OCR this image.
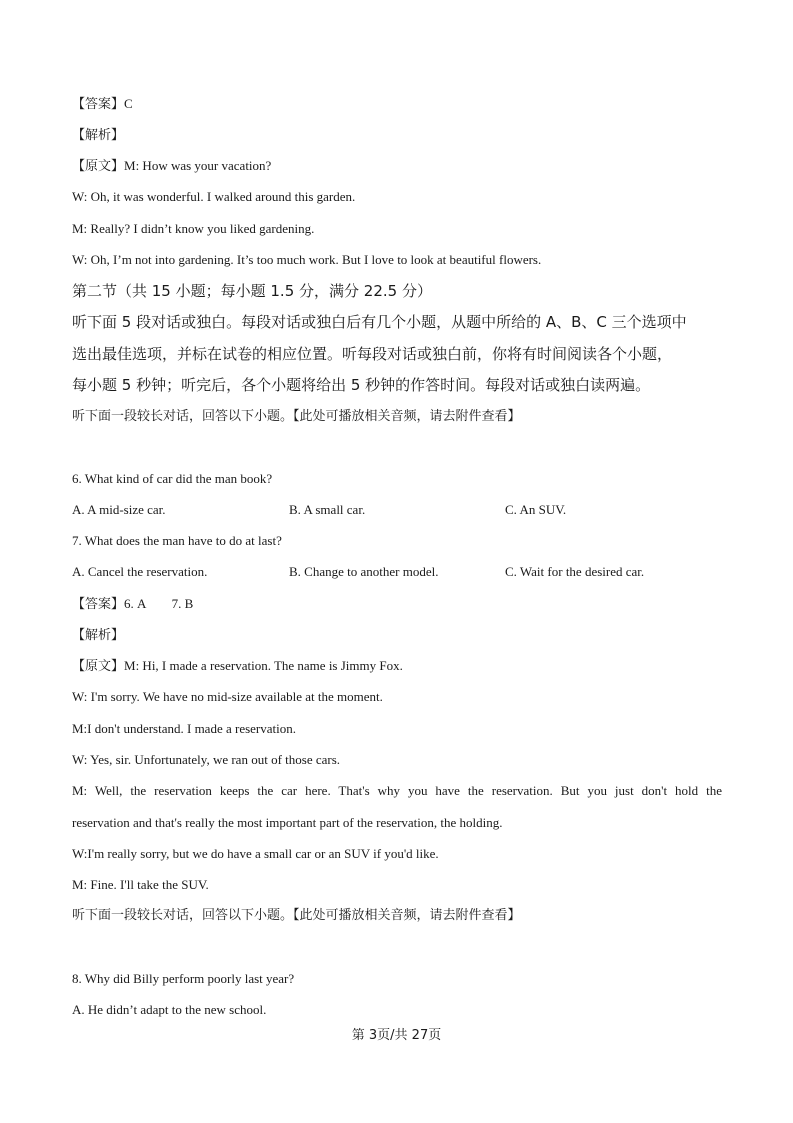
【答案】C
【解析】
【原文】M: How was your vacation?
W: Oh, it was wonderful. I walked around this garden.
M: Really? I didn’t know you liked gardening.
W: Oh, I’m not into gardening. It’s too much work. But I love to look at beautiful flowers.
第二节（共 15 小题；每小题 1.5 分，满分 22.5 分）
听下面 5 段对话或独白。每段对话或独白后有几个小题，从题中所给的 A、B、C 三个选项中
选出最佳选项，并标在试卷的相应位置。听每段对话或独白前，你将有时间阅读各个小题，
每小题 5 秒钟；听完后，各个小题将给出 5 秒钟的作答时间。每段对话或独白读两遍。
听下面一段较长对话，回答以下小题。【此处可播放相关音频，请去附件查看】
6. What kind of car did the man book?
A. A mid-size car.	B. A small car.	C. An SUV.
7. What does the man have to do at last?
A. Cancel the reservation.	B. Change to another model.	C. Wait for the desired car.
【答案】6. A        7. B
【解析】
【原文】M: Hi, I made a reservation. The name is Jimmy Fox.
W: I'm sorry. We have no mid-size available at the moment.
M:I don't understand. I made a reservation.
W: Yes, sir. Unfortunately, we ran out of those cars.
M: Well, the reservation keeps the car here. That's why you have the reservation. But you just don't hold the
reservation and that's really the most important part of the reservation, the holding.
W:I'm really sorry, but we do have a small car or an SUV if you'd like.
M: Fine. I'll take the SUV.
听下面一段较长对话，回答以下小题。【此处可播放相关音频，请去附件查看】
8. Why did Billy perform poorly last year?
A. He didn’t adapt to the new school.
第 3页/共 27页
